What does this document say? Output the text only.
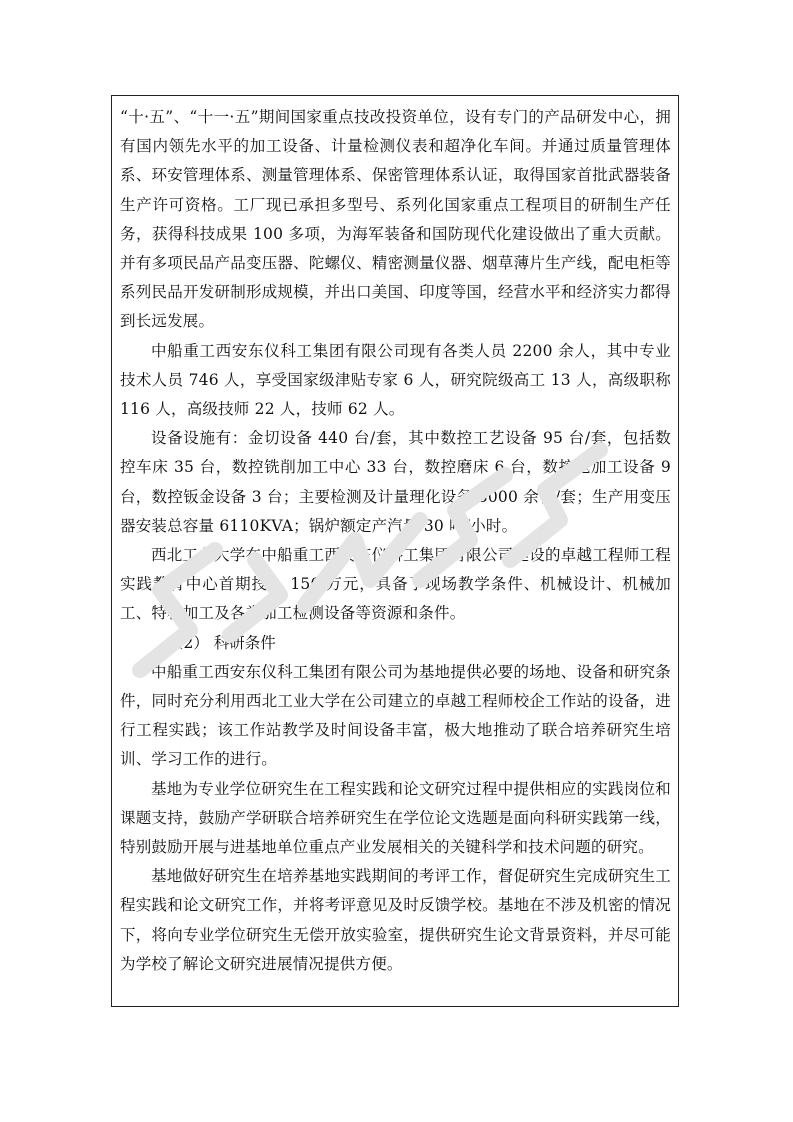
“十·五”、“十一·五”期间国家重点技改投资单位，设有专门的产品研发中心，拥有国内领先水平的加工设备、计量检测仪表和超净化车间。并通过质量管理体系、环安管理体系、测量管理体系、保密管理体系认证，取得国家首批武器装备生产许可资格。工厂现已承担多型号、系列化国家重点工程项目的研制生产任务，获得科技成果 100 多项，为海军装备和国防现代化建设做出了重大贡献。并有多项民品产品变压器、陀螺仪、精密测量仪器、烟草薄片生产线，配电柜等系列民品开发研制形成规模，并出口美国、印度等国，经营水平和经济实力都得到长远发展。

中船重工西安东仪科工集团有限公司现有各类人员 2200 余人，其中专业技术人员 746 人，享受国家级津贴专家 6 人，研究院级高工 13 人，高级职称 116 人，高级技师 22 人，技师 62 人。

设备设施有：金切设备 440 台/套，其中数控工艺设备 95 台/套，包括数控车床 35 台，数控铣削加工中心 33 台，数控磨床 6 台，数控电加工设备 9 台，数控钣金设备 3 台；主要检测及计量理化设备 3000 余台/套；生产用变压器安装总容量 6110KVA；锅炉额定产汽量 30 吨/小时。

西北工业大学在中船重工西安东仪科工集团有限公司建设的卓越工程师工程实践教育中心首期投入 150 万元，具备了现场教学条件、机械设计、机械加工、特种加工及各类加工检测设备等资源和条件。

（2） 科研条件

中船重工西安东仪科工集团有限公司为基地提供必要的场地、设备和研究条件，同时充分利用西北工业大学在公司建立的卓越工程师校企工作站的设备，进行工程实践；该工作站教学及时间设备丰富，极大地推动了联合培养研究生培训、学习工作的进行。

基地为专业学位研究生在工程实践和论文研究过程中提供相应的实践岗位和课题支持，鼓励产学研联合培养研究生在学位论文选题是面向科研实践第一线，特别鼓励开展与进基地单位重点产业发展相关的关键科学和技术问题的研究。

基地做好研究生在培养基地实践期间的考评工作，督促研究生完成研究生工程实践和论文研究工作，并将考评意见及时反馈学校。基地在不涉及机密的情况下，将向专业学位研究生无偿开放实验室，提供研究生论文背景资料，并尽可能为学校了解论文研究进展情况提供方便。
